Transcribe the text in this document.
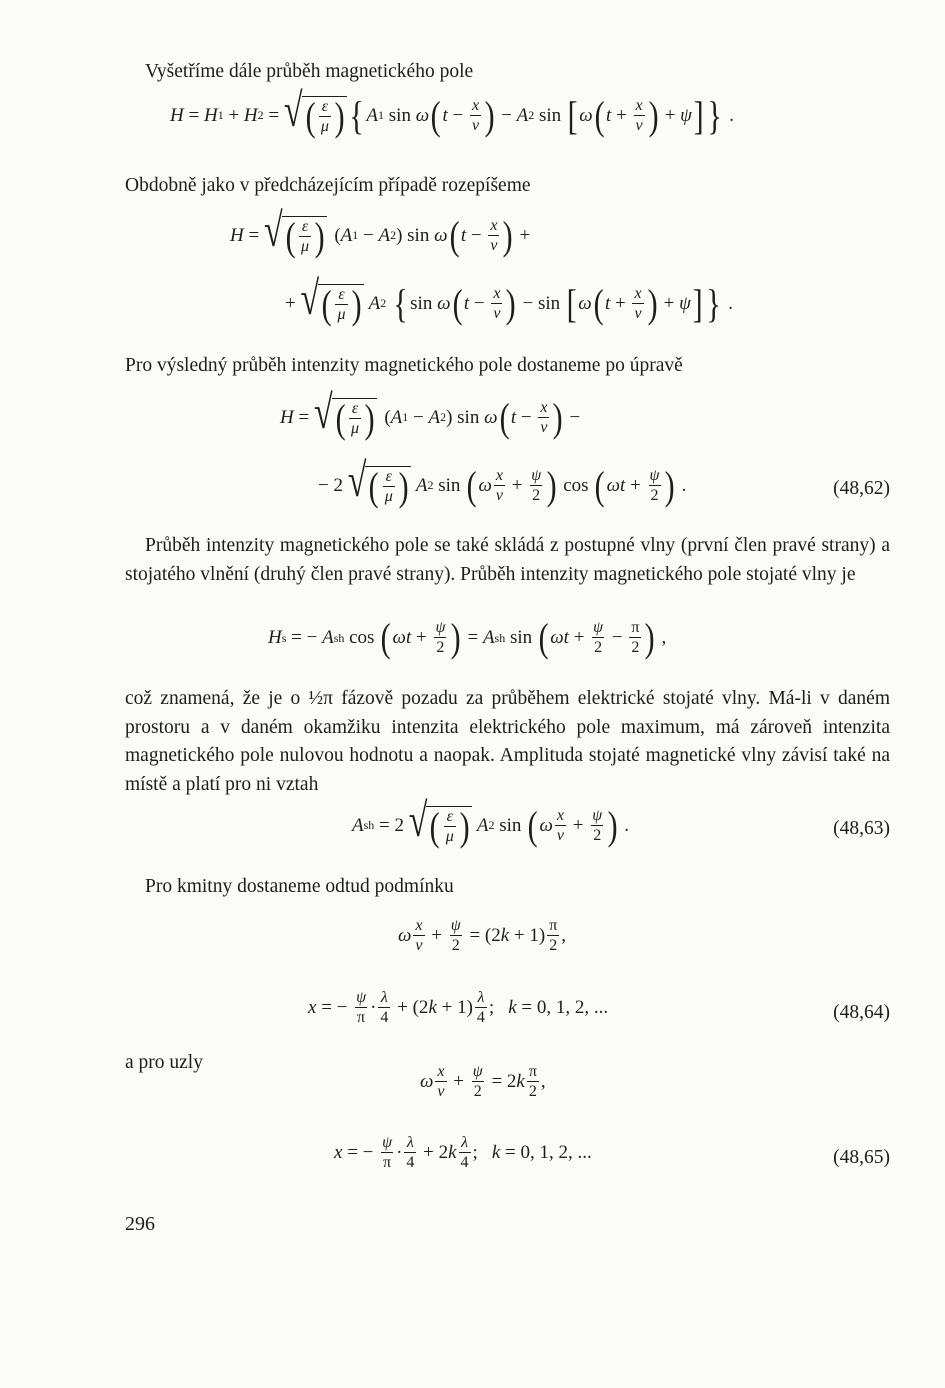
Vyšetříme dále průběh magnetického pole

H = H 1 + H 2 = √ ( $\frac{\varepsilon}{\mu}$ ) { A 1 sin ω ( $t - \frac{x}{v}$ ) − A 2 sin [ ω ( $t + \frac{x}{v}$ ) + ψ ] } .

Obdobně jako v předcházejícím případě rozepíšeme

H = √ ( $\frac{\varepsilon}{\mu}$ ) ( A 1 − A 2 ) sin ω ( $t - \frac{x}{v}$ ) +
+ √ ( $\frac{\varepsilon}{\mu}$ )
A 2
{ sin ω ( $t - \frac{x}{v}$ ) − sin [ ω ( $t + \frac{x}{v}$ ) + ψ ] } .

Pro výsledný průběh intenzity magnetického pole dostaneme po úpravě

H = √ ( $\frac{\varepsilon}{\mu}$ ) ( A 1 − A 2 ) sin ω ( $t - \frac{x}{v}$ ) −
− 2 √ ( $\frac{\varepsilon}{\mu}$ )
A 2 sin ( ω $\frac{x}{v} + \frac{\psi}{2}$ ) cos ( $\omega t + \frac{\psi}{2}$ ) .	(48,62)

Průběh intenzity magnetického pole se také skládá z postupné vlny (první člen pravé strany) a stojatého vlnění (druhý člen pravé strany). Průběh intenzity magnetického pole stojaté vlny je

H s = − A sh cos ( $\omega t + \frac{\psi}{2}$ ) = A sh sin ( $\omega t + \frac{\psi}{2} - \frac{\pi}{2}$ ) ,

což znamená, že je o ½π fázově pozadu za průběhem elektrické stojaté vlny. Má-li v daném prostoru a v daném okamžiku intenzita elektrického pole maximum, má zároveň intenzita magnetického pole nulovou hodnotu a naopak. Amplituda stojaté magnetické vlny závisí také na místě a platí pro ni vztah

A sh = 2 √ ( $\frac{\varepsilon}{\mu}$ )
A 2 sin ( ω $\frac{x}{v} + \frac{\psi}{2}$ ) .	(48,63)

Pro kmitny dostaneme odtud podmínku

ω $\frac{x}{v} + \frac{\psi}{2} = (2$ $k + 1) \frac{\pi}{2}$ ,
x = − $\frac{\psi}{\pi} \cdot \frac{\lambda}{4} + (2$ $k + 1) \frac{\lambda}{4}$ ; k = 0, 1, 2, ...	(48,64)

a pro uzly

ω $\frac{x}{v} + \frac{\psi}{2} = 2$ k $\frac{\pi}{2}$ ,
x = − $\frac{\psi}{\pi} \cdot \frac{\lambda}{4} + 2$ k $\frac{\lambda}{4}$ ; k = 0, 1, 2, ...	(48,65)
296
